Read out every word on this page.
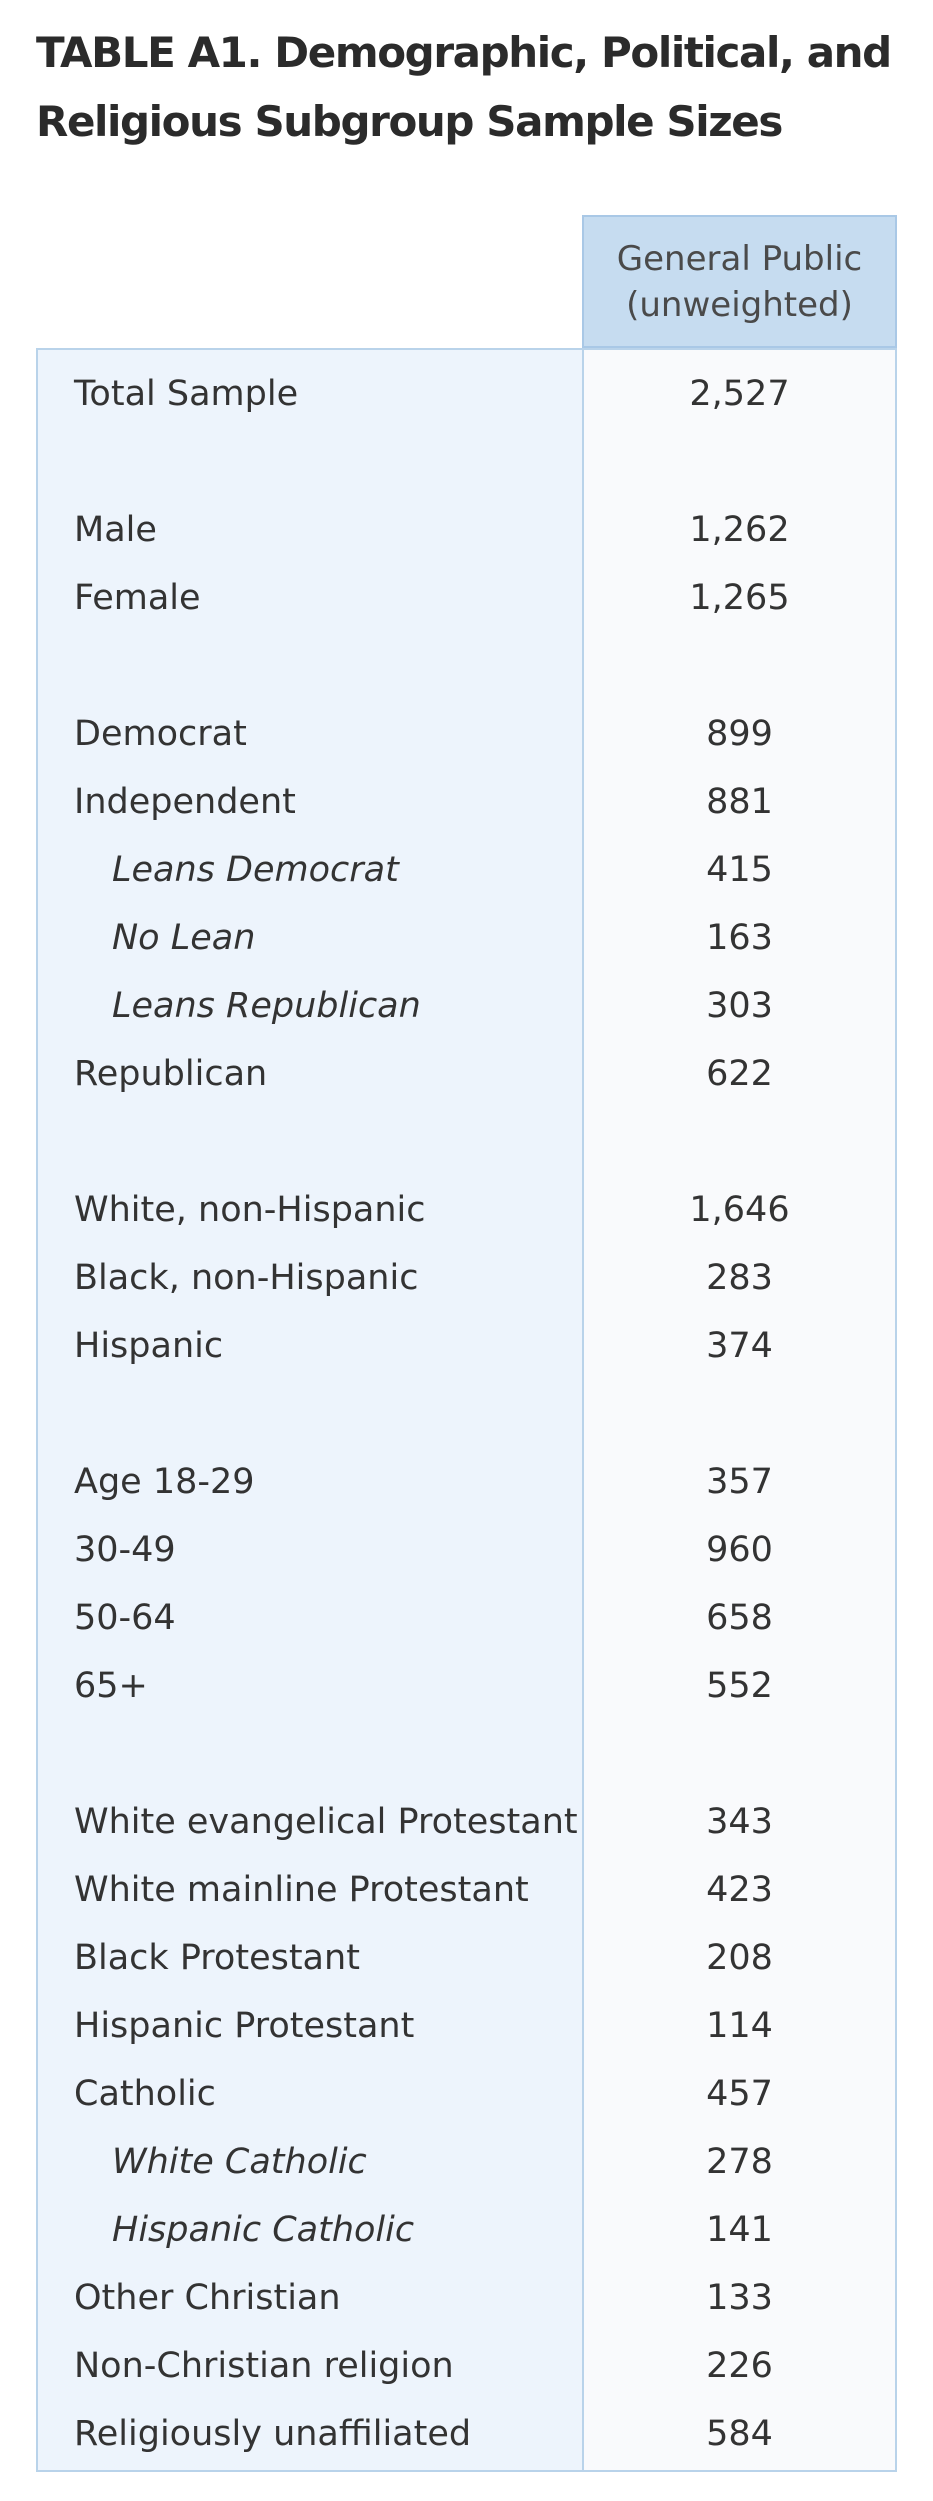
TABLE A1. Demographic, Political, and
Religious Subgroup Sample Sizes
General Public
(unweighted)
Total Sample	2,527
Male	1,262
Female	1,265
Democrat	899
Independent	881
Leans Democrat	415
No Lean	163
Leans Republican	303
Republican	622
White, non-Hispanic	1,646
Black, non-Hispanic	283
Hispanic	374
Age 18-29	357
30-49	960
50-64	658
65+	552
White evangelical Protestant	343
White mainline Protestant	423
Black Protestant	208
Hispanic Protestant	114
Catholic	457
White Catholic	278
Hispanic Catholic	141
Other Christian	133
Non-Christian religion	226
Religiously unaffiliated	584
